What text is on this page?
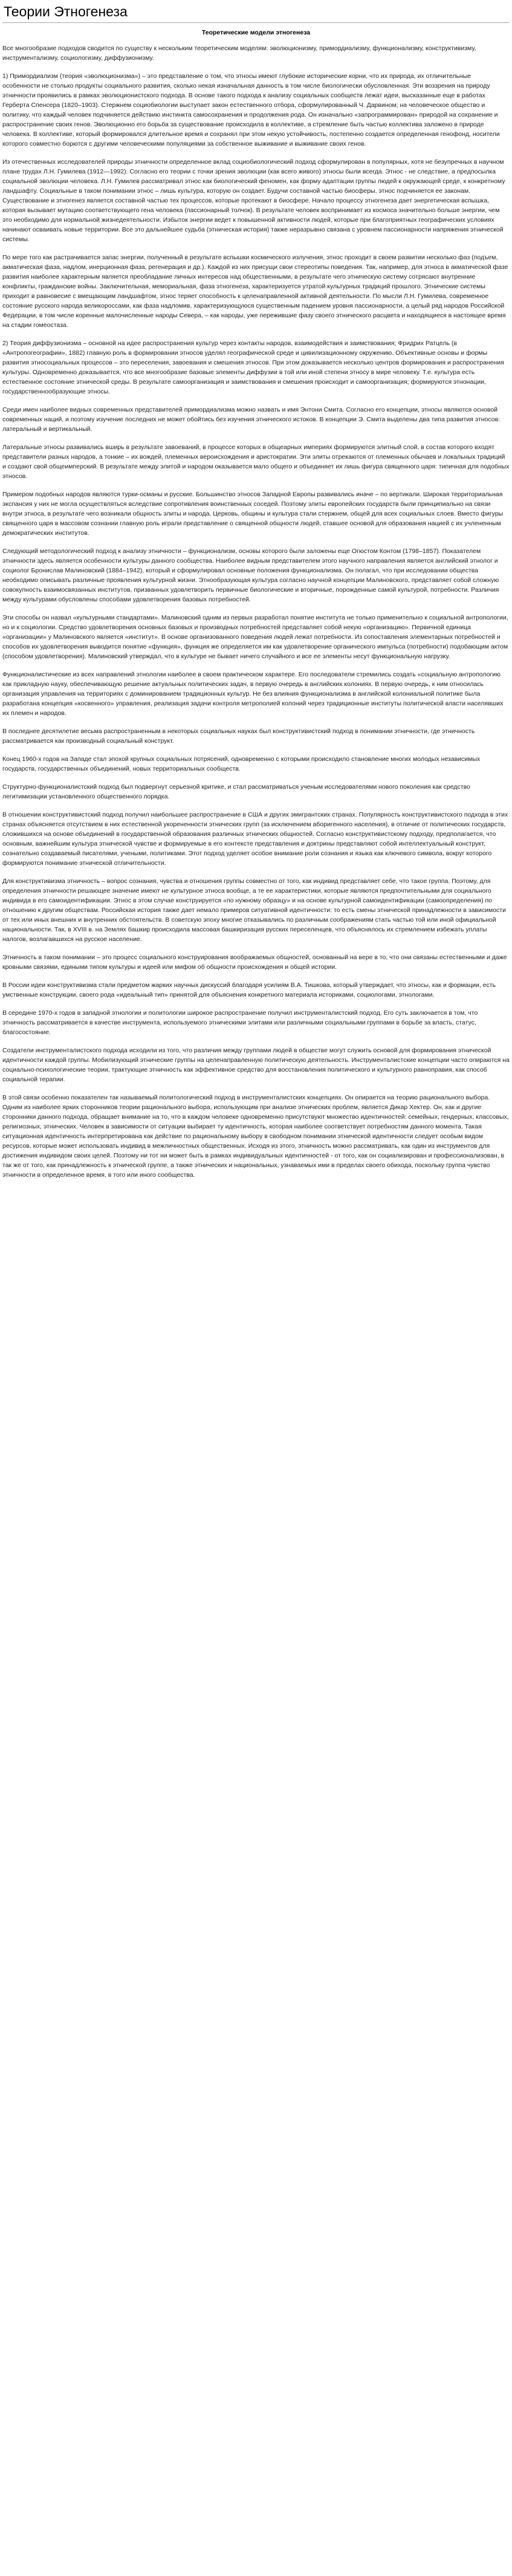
Теории Этногенеза
Теоретические модели этногенеза

Все многообразие подходов сводится по существу к нескольким теоретическим моделям: эволюционизму, примордиализму, функционализму, конструктивизму, инструментализму, социологизму, диффузионизму.

1) Примордиализм (теория «эволюционизма») – это представление о том, что этносы имеют глубокие исторические корни, что их природа, их отличительные особенности не столько продукты социального развития, сколько некая изначальная данность в том числе биологически обусловленная. Эти воззрения на природу этничности проявились в рамках эволюционистского подхода. В основе такого подхода к анализу социальных сообществ лежат идеи, высказанные еще в работах Герберта Спенсера (1820–1903). Стержнем социобиологии выступает закон естественного отбора, сформулированный Ч. Дарвином; на человеческое общество и политику, что каждый человек подчиняется действию инстинкта самосохранения и продолжения рода. Он изначально «запрограммирован» природой на сохранение и распространение своих генов. Эволюционно его борьба за существование происходила в коллективе, а стремление быть частью коллектива заложено в природе человека. В коллективе, который формировался длительное время и сохранял при этом некую устойчивость, постепенно создается определенная генофонд, носители которого совместно борются с другими человеческими популяциями за собственное выживание и выживание своих генов.

Из отечественных исследователей природы этничности определенное вклад социобиологический подход сформулирован в популярных, хотя не безупречных в научном плане трудах Л.Н. Гумилева (1912—1992). Согласно его теории с точки зрения эволюции (как всего живого) этносы были всегда. Этнос - не следствие, а предпосылка социальной эволюции человека. Л.Н. Гумилев рассматривал этнос как биологический феномен, как форму адаптации группы людей к окружающей среде, к конкретному ландшафту. Социальные в таком понимании этнос – лишь культура, которую он создает. Будучи составной частью биосферы, этнос подчиняется ее законам. Существование и этногенез является составной частью тех процессов, которые протекают в биосфере. Начало процессу этногенеза дает энергетическая вспышка, которая вызывает мутацию соответствующего гена человека (пассионарный толчок). В результате человек воспринимает из космоса значительно больше энергии, чем это необходимо для нормальной жизнедеятельности. Избыток энергии ведет к повышенной активности людей, которые при благоприятных географических условиях начинают осваивать новые территории. Все это дальнейшее судьба (этническая история) также неразрывно связана с уровнем пассионарности напряжения этнической системы.

По мере того как растрачивается запас энергии, полученный в результате вспышки космического излучения, этнос проходит в своем развитии несколько фаз (подъем, акматическая фаза, надлом, инерционная фаза, регенерация и др.). Каждой из них присущи свои стереотипы поведения. Так, например, для этноса в акматической фазе развития наиболее характерным является преобладание личных интересов над общественными, в результате чего этническую систему сотрясают внутренние конфликты, гражданские войны. Заключительная, мемориальная, фаза этногенеза, характеризуется утратой культурных традиций прошлого. Этнические системы приходит в равновесие с вмещающим ландшафтом, этнос теряет способность к целенаправленной активной деятельности. По мысли Л.Н. Гумилева, современное состояние русского народа великороссами, как фаза надломив, характеризующуюся существенным падением уровня пассионарности, а целый ряд народов Российской Федерации, в том числе коренные малочисленные народы Севера, – как народы, уже пережившие фазу своего этнического расцвета и находящиеся в настоящее время на стадии гомеостаза.

2) Теория диффузионизма – основной на идее распространения культур через контакты народов, взаимодействия и заимствования; Фридрих Ратцель (в «Антропогеографии», 1882) главную роль в формировании этносов уделял географической среде и цивилизационному окружению. Объективные основы и формы развития этносоциальных процессов – это переселения, завоевания и смешения этносов. При этом доказывается несколько центров формирования и распространения культуры. Одновременно доказывается, что все многообразие базовые элементы диффузии в той или иной степени этносу в мире человеку. Т.е. культура есть естественное состояние этнической среды. В результате самоорганизация и заимствования и смешения происходит и самоорганизация; формируются этнонации, государственнообразующие этносы.

Среди имен наиболее видных современных представителей примордиализма можно назвать и имя Энтони Смита. Согласно его концепции, этносы являются основой современных наций, и поэтому изучение последних не может обойтись без изучения этнического истоков. В концепции Э. Смита выделены два типа развития этносов: латеральный и вертикальный.

Латеральные этносы развивались вширь в результате завоеваний, в процессе которых в общеарных империях формируются элитный слой, в состав которого входят представители разных народов, а тонкие – их вождей, племенных вероисхождения и аристократии. Эти элиты отрекаются от племенных обычаев и локальных традиций и создают свой общеимперский. В результате между элитой и народом оказывается мало общего и объединяет их лишь фигура священного царя: типичная для подобных этносов.

Примером подобных народов являются турки-османы и русские. Большинство этносов Западной Европы развивались иначе – по вертикали. Широкая территориальная экспансия у них не могла осуществляться вследствие сопротивления воинственных соседей. Поэтому элиты европейских государств были принципиально на связи внутри этноса, в результате чего возникали общность элиты и народа. Церковь, общины и культура стали стержнем, общей для всех социальных слоев. Вместо фигуры священного царя в массовом сознании главную роль играли представление о священной общности людей, ставшее основой для образования нацией с их учлененным демократических институтов.

Следующий методологический подход к анализу этничности – функционализм, основы которого были заложены еще Огюстом Контом (1798–1857). Показателем этничности здесь является особенности культуры данного сообщества. Наиболее видным представителем этого научного направления является английский этнолог и социолог Бронислав Малиновский (1884–1942), который и сформулировал основные положения функционализма. Он полагал, что при исследовании общества необходимо описывать различные проявления культурной жизни. Этнообразующая культура согласно научной концепции Малиновского, представляет собой сложную совокупность взаимосвязанных институтов, призванных удовлетворить первичные биологические и вторичные, порожденные самой культурой, потребности. Различия между культурами обусловлены способами удовлетворения базовых потребностей.

Эти способы он назвал «культурными стандартами». Малиновский одним из первых разработал понятие института не только применительно к социальной антропологии, но и к социологии. Средство удовлетворения основных базовых и производных потребностей представляет собой некую «организацию». Первичной единица «организации» у Малиновского является «институт». В основе организованного поведения людей лежат потребности. Из сопоставления элементарных потребностей и способов их удовлетворения выводится понятие «функция», функция же определяется им как удовлетворение органического импульса (потребности) подобающим актом (способом удовлетворения). Малиновский утверждал, что в культуре не бывает ничего случайного и все ее элементы несут функциональную нагрузку.

Функционалистические из всех направлений этнологии наиболее в своем практическом характере. Его последователи стремились создать «социальную антропологию как прикладную науку, обеспечивающую решение актуальных политических задач, в первую очередь в английских колониях. В первую очередь, к ним относилась организация управления на территориях с доминированием традиционных культур. Не без влияния функционализма в английской колониальной политике была разработана концепция «косвенного» управления, реализация задачи контроля метрополией колоний через традиционные институты политической власти населявших их племен и народов.

В последнее десятилетие весьма распространенным в некоторых социальных науках был конструктивистский подход в понимании этничности, где этничность рассматривается как производный социальный конструкт.

Конец 1960-х годов на Западе стал эпохой крупных социальных потрясений, одновременно с которыми происходило становление многих молодых независимых государств, государственных объединений, новых территориальных сообществ.

Структурно-функционалистский подход был подвергнут серьезной критике, и стал рассматриваться ученым исследователями нового поколения как средство легитимизации установленного общественного порядка.

В отношении конструктивистский подход получил наибольшее распространение в США и других эмигрантских странах. Популярность конструктивистского подхода в этих странах объясняется отсутствием в них естественной укорененности этнических групп (за исключением аборигенного населения), в отличие от политических государств, сложившихся на основе объединений в государственной образования различных этнических общностей. Согласно конструктивистскому подходу, предполагается, что основным, важнейшим культура этнической чувстве и формируемые в его контексте представления и доктрины представляют собой интеллектуальный конструкт, сознательно создаваемый писателями, учеными, политиками. Этот подход уделяет особое внимание роли сознания и языка как ключевого символа, вокруг которого формируются понимание этнической отличительности.

Для конструктивизма этничность – вопрос сознания, чувства и отношения группы совместно от того, как индивид представляет себе, что такое группа. Поэтому, для определения этничности решающее значение имеют не культурное этноса вообще, а те ее характеристики, которые являются предпочтительными для социального индивида в его самоидентификации. Этнос в этом случае конструируется «по нужному образцу» и на основе культурной самоидентификации (самоопределения) по отношению к другим обществам. Российская история также дает немало примеров ситуативной идентичности: то есть смены этнической принадлежности в зависимости от тех или иных внешних и внутренних обстоятельств. В советскую эпоху многие отказывались по различным соображениям стать частью той или иной официальной национальности. Так, в XVIII в. на Землях башкир происходила массовая башкиризация русских переселенцев, что объяснялось их стремлением избежать уплаты налогов, возлагавшихся на русское население.

Этничность в таком понимании – это процесс социального конструирования воображаемых общностей, основанный на вере в то, что они связаны естественными и даже кровными связями, едиными типом культуры и идеей или мифом об общности происхождения и общей истории.

В России идеи конструктивизма стали предметом жарких научных дискуссий благодаря усилиям В.А. Тишкова, который утверждает, что этносы, как и формации, есть умственные конструкции, своего рода «идеальный тип» принятой для объяснения конкретного материала историками, социологами, этнологами.

В середине 1970-х годов в западной этнологии и политологии широкое распространение получил инструменталистский подход. Его суть заключается в том, что этничность рассматривается в качестве инструмента, используемого этническими элитами или различными социальными группами в борьбе за власть, статус, благосостояние.

Создатели инструменталистского подхода исходили из того, что различия между группами людей в обществе могут служить основой для формирования этнической идентичности каждой группы. Мобилизующий этнические группы на целенаправленную политическую деятельность. Инструменталистские концепции часто опираются на социально-психологические теории, трактующие этничность как эффективное средство для восстановления политического и культурного равноправия, как способ социальной терапии.

В этой связи особенно показателен так называемый политологический подход в инструменталистских концепциях. Он опирается на теорию рационального выбора. Одним из наиболее ярких сторонников теории рационального выбора, использующим при анализе этнических проблем, является Дикар Хектер. Он, как и другие сторонники данного подхода, обращает внимание на то, что в каждом человеке одновременно присутствуют множество идентичностей: семейных, гендерных, классовых, религиозных, этнических. Человек в зависимости от ситуации выбирает ту идентичность, которая наиболее соответствует потребностям данного момента. Такая ситуационная идентичность интерпретирована как действие по рациональному выбору в свободном понимании этнической идентичности следует особым видом ресурсов, которые может использовать индивид в межличностных общественных. Исходя из этого, этничность можно рассматривать, как один из инструментов для достижения индивидом своих целей. Поэтому ни тот ни может быть в рамках индивидуальных идентичностей - от того, как он социализирован и профессионализован, в так же от того, как принадлежность к этнической группе, а также этнических и национальных, узнаваемых ими в пределах своего обихода, поскольку группа чувство этничности в определенное время, в того или иного сообщества.
